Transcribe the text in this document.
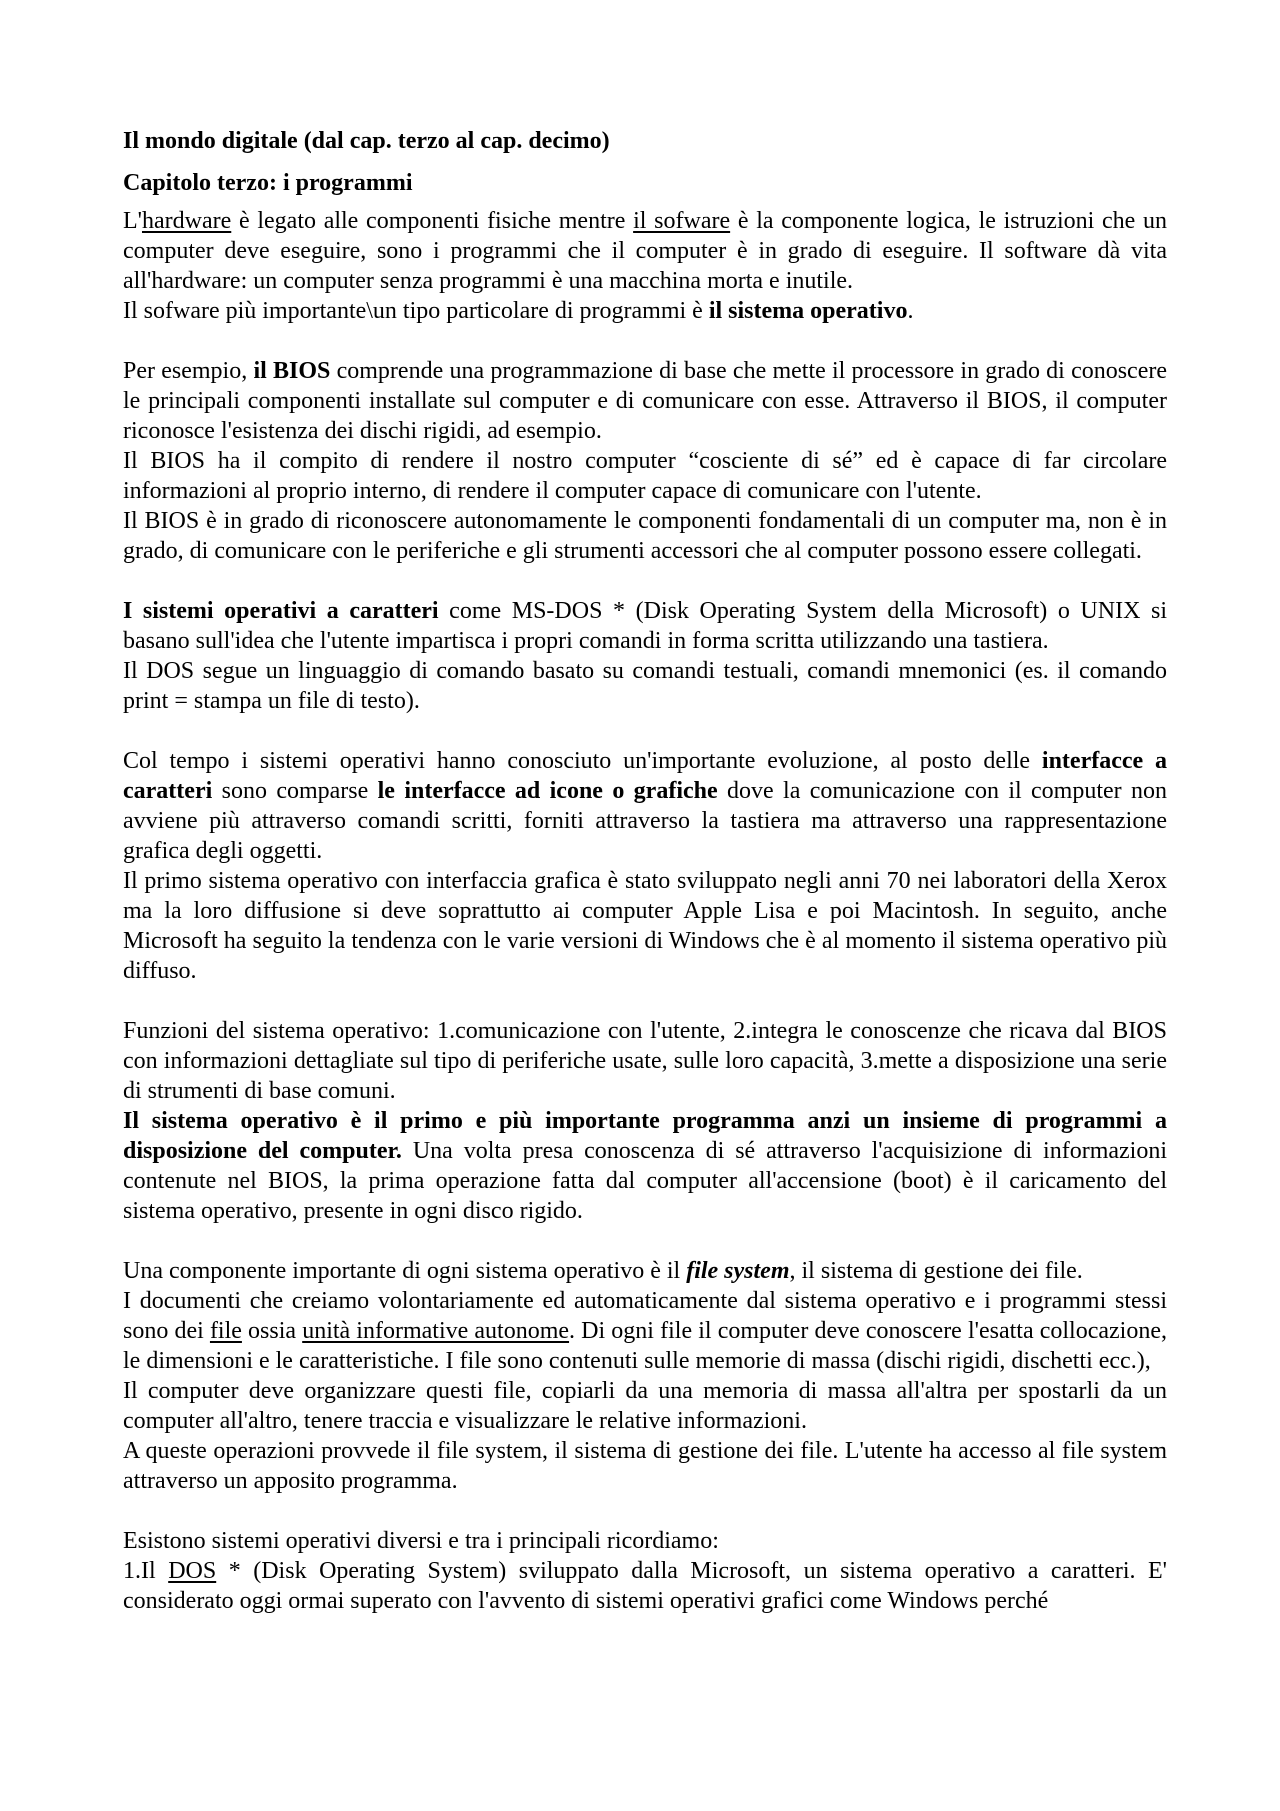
Il mondo digitale (dal cap. terzo al cap. decimo)
Capitolo terzo: i programmi

L'hardware è legato alle componenti fisiche mentre il sofware è la componente logica, le istruzioni che un computer deve eseguire, sono i programmi che il computer è in grado di eseguire. Il software dà vita all'hardware: un computer senza programmi è una macchina morta e inutile.

Il sofware più importante\un tipo particolare di programmi è il sistema operativo.

Per esempio, il BIOS comprende una programmazione di base che mette il processore in grado di conoscere le principali componenti installate sul computer e di comunicare con esse. Attraverso il BIOS, il computer riconosce l'esistenza dei dischi rigidi, ad esempio.

Il BIOS ha il compito di rendere il nostro computer “cosciente di sé” ed è capace di far circolare informazioni al proprio interno, di rendere il computer capace di comunicare con l'utente.

Il BIOS è in grado di riconoscere autonomamente le componenti fondamentali di un computer ma, non è in grado, di comunicare con le periferiche e gli strumenti accessori che al computer possono essere collegati.

I sistemi operativi a caratteri come MS-DOS * (Disk Operating System della Microsoft) o UNIX si basano sull'idea che l'utente impartisca i propri comandi in forma scritta utilizzando una tastiera.

Il DOS segue un linguaggio di comando basato su comandi testuali, comandi mnemonici (es. il comando print = stampa un file di testo).

Col tempo i sistemi operativi hanno conosciuto un'importante evoluzione, al posto delle interfacce a caratteri sono comparse le interfacce ad icone o grafiche dove la comunicazione con il computer non avviene più attraverso comandi scritti, forniti attraverso la tastiera ma attraverso una rappresentazione grafica degli oggetti.

Il primo sistema operativo con interfaccia grafica è stato sviluppato negli anni 70 nei laboratori della Xerox ma la loro diffusione si deve soprattutto ai computer Apple Lisa e poi Macintosh. In seguito, anche Microsoft ha seguito la tendenza con le varie versioni di Windows che è al momento il sistema operativo più diffuso.

Funzioni del sistema operativo: 1.comunicazione con l'utente, 2.integra le conoscenze che ricava dal BIOS con informazioni dettagliate sul tipo di periferiche usate, sulle loro capacità, 3.mette a disposizione una serie di strumenti di base comuni.

Il sistema operativo è il primo e più importante programma anzi un insieme di programmi a disposizione del computer. Una volta presa conoscenza di sé attraverso l'acquisizione di informazioni contenute nel BIOS, la prima operazione fatta dal computer all'accensione (boot) è il caricamento del sistema operativo, presente in ogni disco rigido.

Una componente importante di ogni sistema operativo è il file system, il sistema di gestione dei file.

I documenti che creiamo volontariamente ed automaticamente dal sistema operativo e i programmi stessi sono dei file ossia unità informative autonome. Di ogni file il computer deve conoscere l'esatta collocazione, le dimensioni e le caratteristiche. I file sono contenuti sulle memorie di massa (dischi rigidi, dischetti ecc.),

Il computer deve organizzare questi file, copiarli da una memoria di massa all'altra per spostarli da un computer all'altro, tenere traccia e visualizzare le relative informazioni.

A queste operazioni provvede il file system, il sistema di gestione dei file. L'utente ha accesso al file system attraverso un apposito programma.

Esistono sistemi operativi diversi e tra i principali ricordiamo:

1.Il DOS * (Disk Operating System) sviluppato dalla Microsoft, un sistema operativo a caratteri. E' considerato oggi ormai superato con l'avvento di sistemi operativi grafici come Windows perché
